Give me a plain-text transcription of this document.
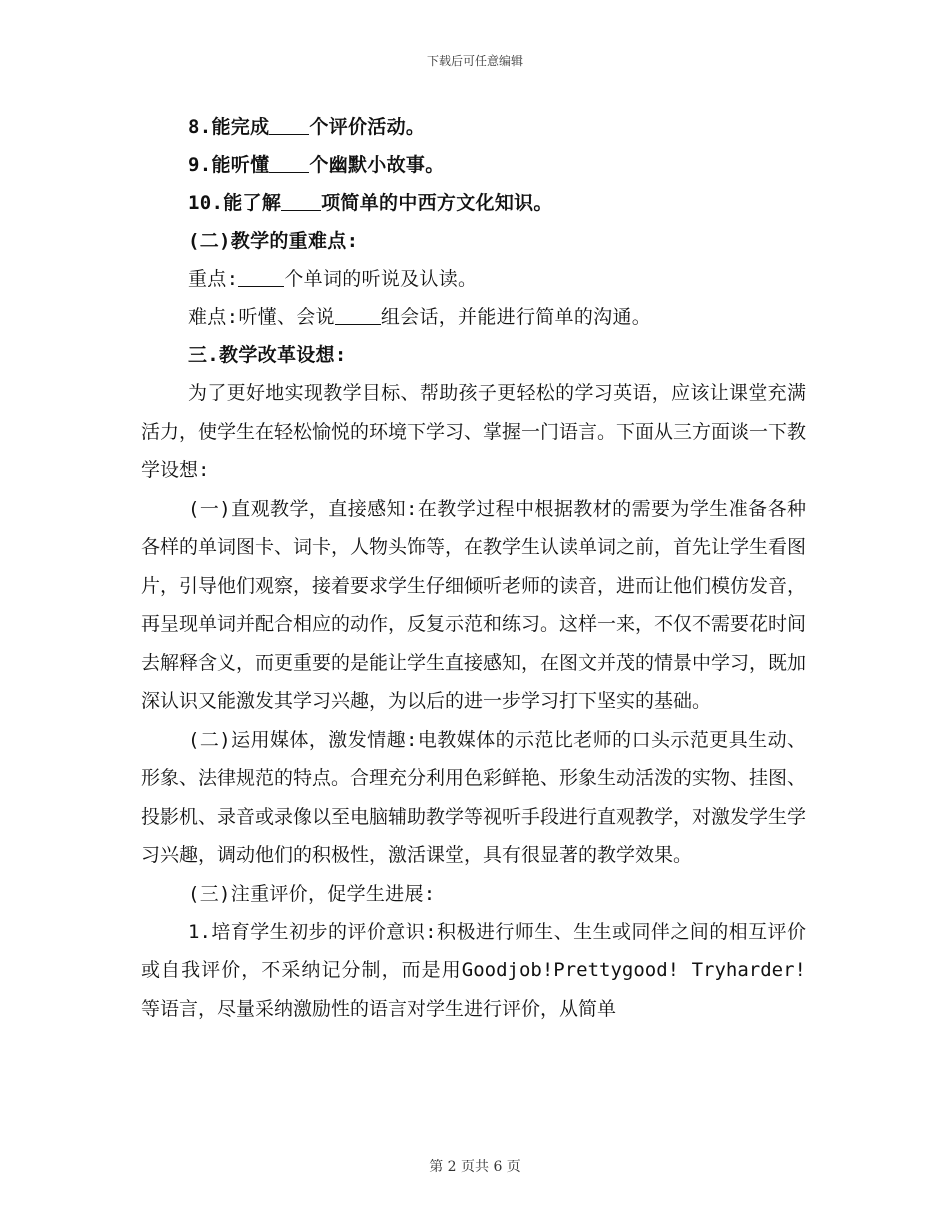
下载后可任意编辑
8.能完成 个评价活动。
9.能听懂 个幽默小故事。
10.能了解 项简单的中西方文化知识。
(二)教学的重难点:
重点: 个单词的听说及认读。
难点:听懂、会说 组会话，并能进行简单的沟通。
三.教学改革设想:

为了更好地实现教学目标、帮助孩子更轻松的学习英语，应该让课堂充满活力，使学生在轻松愉悦的环境下学习、掌握一门语言。下面从三方面谈一下教学设想:

(一)直观教学，直接感知:在教学过程中根据教材的需要为学生准备各种各样的单词图卡、词卡，人物头饰等，在教学生认读单词之前，首先让学生看图片，引导他们观察，接着要求学生仔细倾听老师的读音，进而让他们模仿发音，再呈现单词并配合相应的动作，反复示范和练习。这样一来，不仅不需要花时间去解释含义，而更重要的是能让学生直接感知，在图文并茂的情景中学习，既加深认识又能激发其学习兴趣，为以后的进一步学习打下坚实的基础。

(二)运用媒体，激发情趣:电教媒体的示范比老师的口头示范更具生动、形象、法律规范的特点。合理充分利用色彩鲜艳、形象生动活泼的实物、挂图、投影机、录音或录像以至电脑辅助教学等视听手段进行直观教学，对激发学生学习兴趣，调动他们的积极性，激活课堂，具有很显著的教学效果。

(三)注重评价，促学生进展:

1.培育学生初步的评价意识:积极进行师生、生生或同伴之间的相互评价或自我评价，不采纳记分制，而是用Goodjob!Prettygood! Tryharder!等语言，尽量采纳激励性的语言对学生进行评价，从简单

第 2 页共 6 页
